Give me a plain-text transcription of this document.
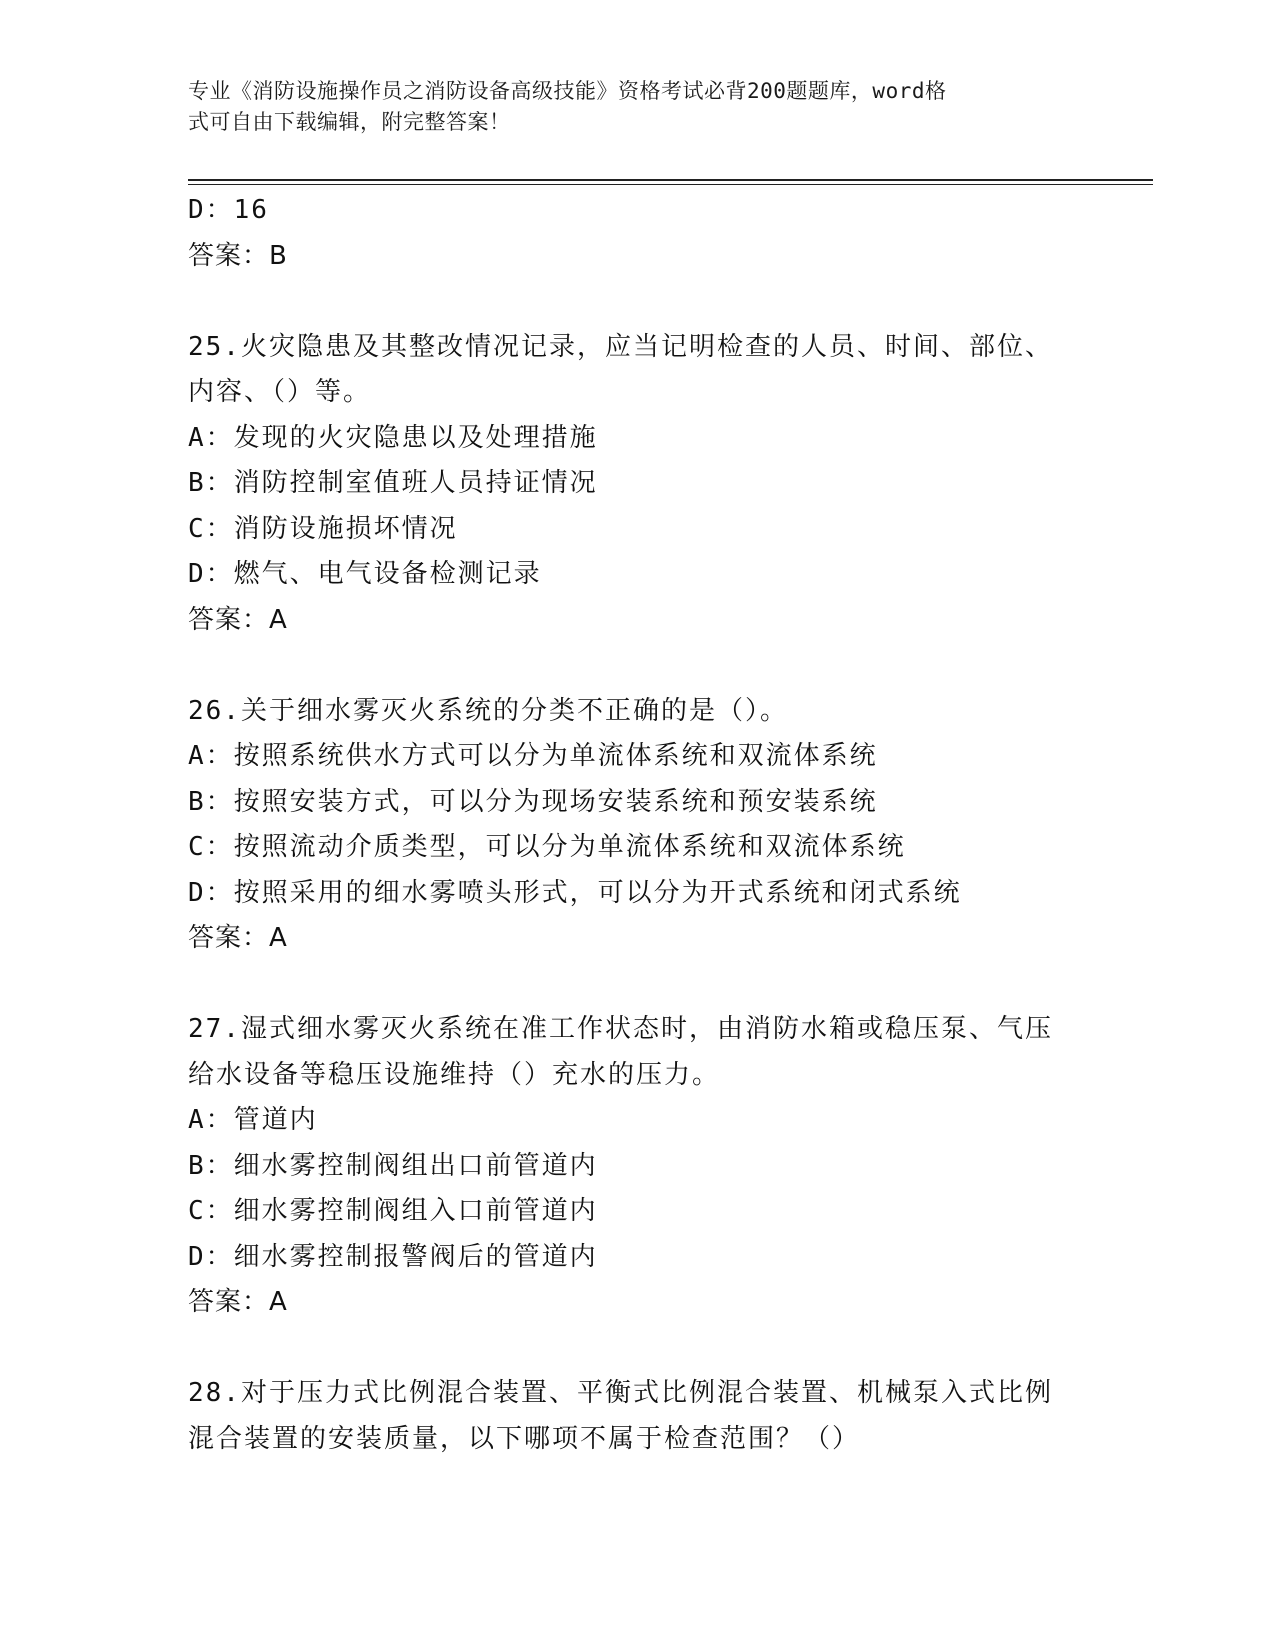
专业《消防设施操作员之消防设备高级技能》资格考试必背200题题库，word格
式可自由下载编辑，附完整答案！
D：16
答案：B
25.火灾隐患及其整改情况记录，应当记明检查的人员、时间、部位、
内容、（）等。
A：发现的火灾隐患以及处理措施
B：消防控制室值班人员持证情况
C：消防设施损坏情况
D：燃气、电气设备检测记录
答案：A
26.关于细水雾灭火系统的分类不正确的是（）。
A：按照系统供水方式可以分为单流体系统和双流体系统
B：按照安装方式，可以分为现场安装系统和预安装系统
C：按照流动介质类型，可以分为单流体系统和双流体系统
D：按照采用的细水雾喷头形式，可以分为开式系统和闭式系统
答案：A
27.湿式细水雾灭火系统在准工作状态时，由消防水箱或稳压泵、气压
给水设备等稳压设施维持（）充水的压力。
A：管道内
B：细水雾控制阀组出口前管道内
C：细水雾控制阀组入口前管道内
D：细水雾控制报警阀后的管道内
答案：A
28.对于压力式比例混合装置、平衡式比例混合装置、机械泵入式比例
混合装置的安装质量，以下哪项不属于检查范围？（）
